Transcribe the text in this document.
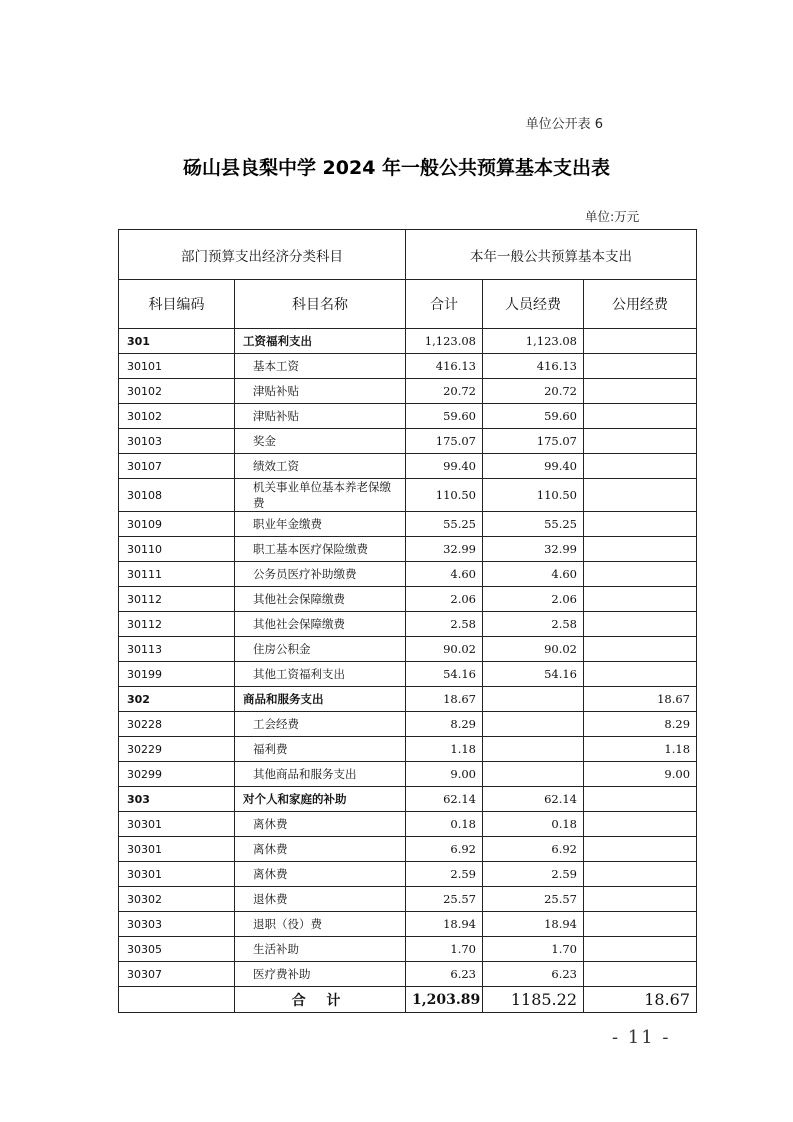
单位公开表 6
砀山县良梨中学 2024 年一般公共预算基本支出表
单位:万元
部门预算支出经济分类科目		本年一般公共预算基本支出		
科目编码	科目名称	合计	人员经费	公用经费
301	工资福利支出	1,123.08	1,123.08	
30101	基本工资	416.13	416.13	
30102	津贴补贴	20.72	20.72	
30102	津贴补贴	59.60	59.60	
30103	奖金	175.07	175.07	
30107	绩效工资	99.40	99.40	
30108	机关事业单位基本养老保缴费	110.50	110.50	
30109	职业年金缴费	55.25	55.25	
30110	职工基本医疗保险缴费	32.99	32.99	
30111	公务员医疗补助缴费	4.60	4.60	
30112	其他社会保障缴费	2.06	2.06	
30112	其他社会保障缴费	2.58	2.58	
30113	住房公积金	90.02	90.02	
30199	其他工资福利支出	54.16	54.16	
302	商品和服务支出	18.67		18.67
30228	工会经费	8.29		8.29
30229	福利费	1.18		1.18
30299	其他商品和服务支出	9.00		9.00
303	对个人和家庭的补助	62.14	62.14	
30301	离休费	0.18	0.18	
30301	离休费	6.92	6.92	
30301	离休费	2.59	2.59	
30302	退休费	25.57	25.57	
30303	退职（役）费	18.94	18.94	
30305	生活补助	1.70	1.70	
30307	医疗费补助	6.23	6.23	
	合 计	1,203.89	1185.22	18.67
- 11 -
